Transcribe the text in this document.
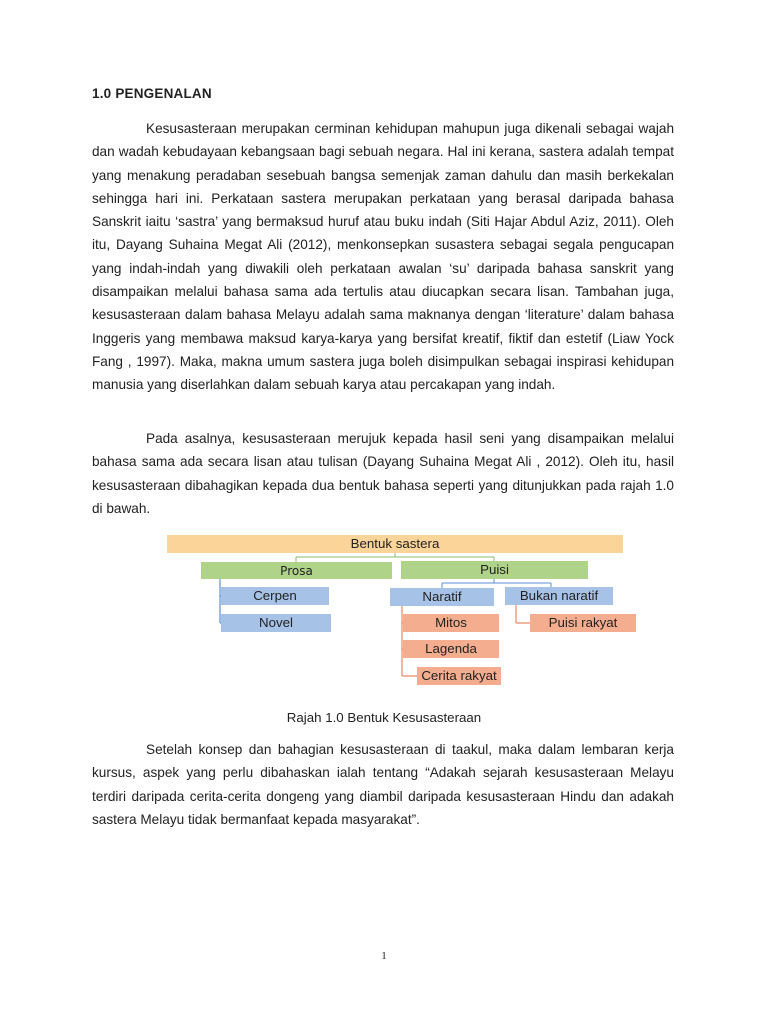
1.0 PENGENALAN

Kesusasteraan merupakan cerminan kehidupan mahupun juga dikenali sebagai wajah dan wadah kebudayaan kebangsaan bagi sebuah negara. Hal ini kerana, sastera adalah tempat yang menakung peradaban sesebuah bangsa semenjak zaman dahulu dan masih berkekalan sehingga hari ini. Perkataan sastera merupakan perkataan yang berasal daripada bahasa Sanskrit iaitu ‘sastra’ yang bermaksud huruf atau buku indah (Siti Hajar Abdul Aziz, 2011). Oleh itu, Dayang Suhaina Megat Ali (2012), menkonsepkan susastera sebagai segala pengucapan yang indah-indah yang diwakili oleh perkataan awalan ‘su’ daripada bahasa sanskrit yang disampaikan melalui bahasa sama ada tertulis atau diucapkan secara lisan. Tambahan juga, kesusasteraan dalam bahasa Melayu adalah sama maknanya dengan ‘literature’ dalam bahasa Inggeris yang membawa maksud karya-karya yang bersifat kreatif, fiktif dan estetif (Liaw Yock Fang , 1997). Maka, makna umum sastera juga boleh disimpulkan sebagai inspirasi kehidupan manusia yang diserlahkan dalam sebuah karya atau percakapan yang indah.

Pada asalnya, kesusasteraan merujuk kepada hasil seni yang disampaikan melalui bahasa sama ada secara lisan atau tulisan (Dayang Suhaina Megat Ali , 2012). Oleh itu, hasil kesusasteraan dibahagikan kepada dua bentuk bahasa seperti yang ditunjukkan pada rajah 1.0 di bawah.

Bentuk sastera
Prosa	Puisi
Cerpen
Novel
Naratif	Bukan naratif
Mitos
Lagenda
Cerita rakyat
Puisi rakyat
Rajah 1.0 Bentuk Kesusasteraan

Setelah konsep dan bahagian kesusasteraan di taakul, maka dalam lembaran kerja kursus, aspek yang perlu dibahaskan ialah tentang “Adakah sejarah kesusasteraan Melayu terdiri daripada cerita-cerita dongeng yang diambil daripada kesusasteraan Hindu dan adakah sastera Melayu tidak bermanfaat kepada masyarakat”.

1
